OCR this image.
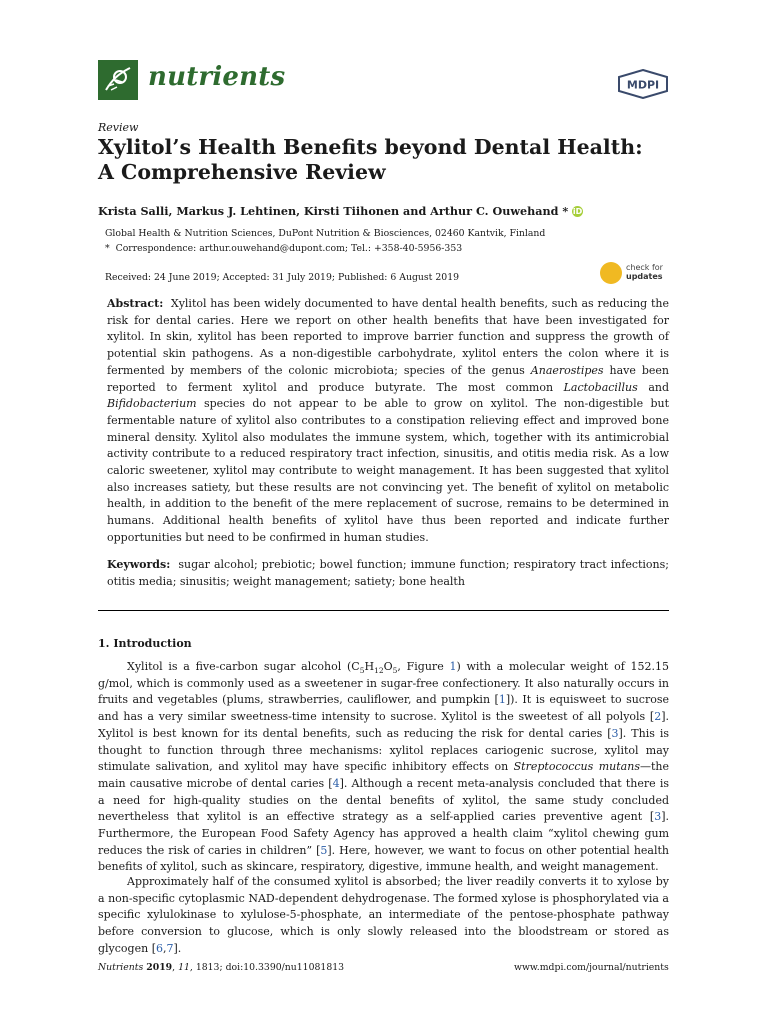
nutrients	MDPI
Review
Xylitol’s Health Benefits beyond Dental Health:
A Comprehensive Review
Krista Salli, Markus J. Lehtinen, Kirsti Tiihonen and Arthur C. Ouwehand * iD
Global Health & Nutrition Sciences, DuPont Nutrition & Biosciences, 02460 Kantvik, Finland
* Correspondence: arthur.ouwehand@dupont.com; Tel.: +358-40-5956-353
Received: 24 June 2019; Accepted: 31 July 2019; Published: 6 August 2019
check for
updates
Abstract: Xylitol has been widely documented to have dental health benefits, such as reducing the risk for dental caries. Here we report on other health benefits that have been investigated for xylitol. In skin, xylitol has been reported to improve barrier function and suppress the growth of potential skin pathogens. As a non-digestible carbohydrate, xylitol enters the colon where it is fermented by members of the colonic microbiota; species of the genus Anaerostipes have been reported to ferment xylitol and produce butyrate. The most common Lactobacillus and Bifidobacterium species do not appear to be able to grow on xylitol. The non-digestible but fermentable nature of xylitol also contributes to a constipation relieving effect and improved bone mineral density. Xylitol also modulates the immune system, which, together with its antimicrobial activity contribute to a reduced respiratory tract infection, sinusitis, and otitis media risk. As a low caloric sweetener, xylitol may contribute to weight management. It has been suggested that xylitol also increases satiety, but these results are not convincing yet. The benefit of xylitol on metabolic health, in addition to the benefit of the mere replacement of sucrose, remains to be determined in humans. Additional health benefits of xylitol have thus been reported and indicate further opportunities but need to be confirmed in human studies.
Keywords: sugar alcohol; prebiotic; bowel function; immune function; respiratory tract infections; otitis media; sinusitis; weight management; satiety; bone health
1. Introduction
Xylitol is a five-carbon sugar alcohol ($C_5H_{12}O_5$, Figure 1) with a molecular weight of 152.15 g/mol, which is commonly used as a sweetener in sugar-free confectionery. It also naturally occurs in fruits and vegetables (plums, strawberries, cauliflower, and pumpkin [1]). It is equisweet to sucrose and has a very similar sweetness-time intensity to sucrose. Xylitol is the sweetest of all polyols [2]. Xylitol is best known for its dental benefits, such as reducing the risk for dental caries [3]. This is thought to function through three mechanisms: xylitol replaces cariogenic sucrose, xylitol may stimulate salivation, and xylitol may have specific inhibitory effects on Streptococcus mutans—the main causative microbe of dental caries [4]. Although a recent meta-analysis concluded that there is a need for high-quality studies on the dental benefits of xylitol, the same study concluded nevertheless that xylitol is an effective strategy as a self-applied caries preventive agent [3]. Furthermore, the European Food Safety Agency has approved a health claim “xylitol chewing gum reduces the risk of caries in children” [5]. Here, however, we want to focus on other potential health benefits of xylitol, such as skincare, respiratory, digestive, immune health, and weight management.
Approximately half of the consumed xylitol is absorbed; the liver readily converts it to xylose by a non-specific cytoplasmic NAD-dependent dehydrogenase. The formed xylose is phosphorylated via a specific xylulokinase to xylulose-5-phosphate, an intermediate of the pentose-phosphate pathway before conversion to glucose, which is only slowly released into the bloodstream or stored as glycogen [6,7].
Nutrients 2019, 11, 1813; doi:10.3390/nu11081813	www.mdpi.com/journal/nutrients
